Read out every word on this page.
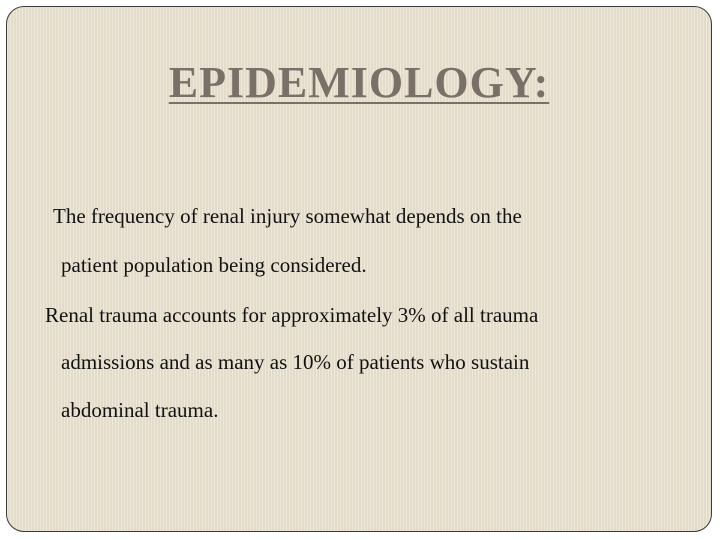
EPIDEMIOLOGY:

The frequency of renal injury somewhat depends on the

patient population being considered.

Renal trauma accounts for approximately 3% of all trauma

admissions and as many as 10% of patients who sustain

abdominal trauma.
